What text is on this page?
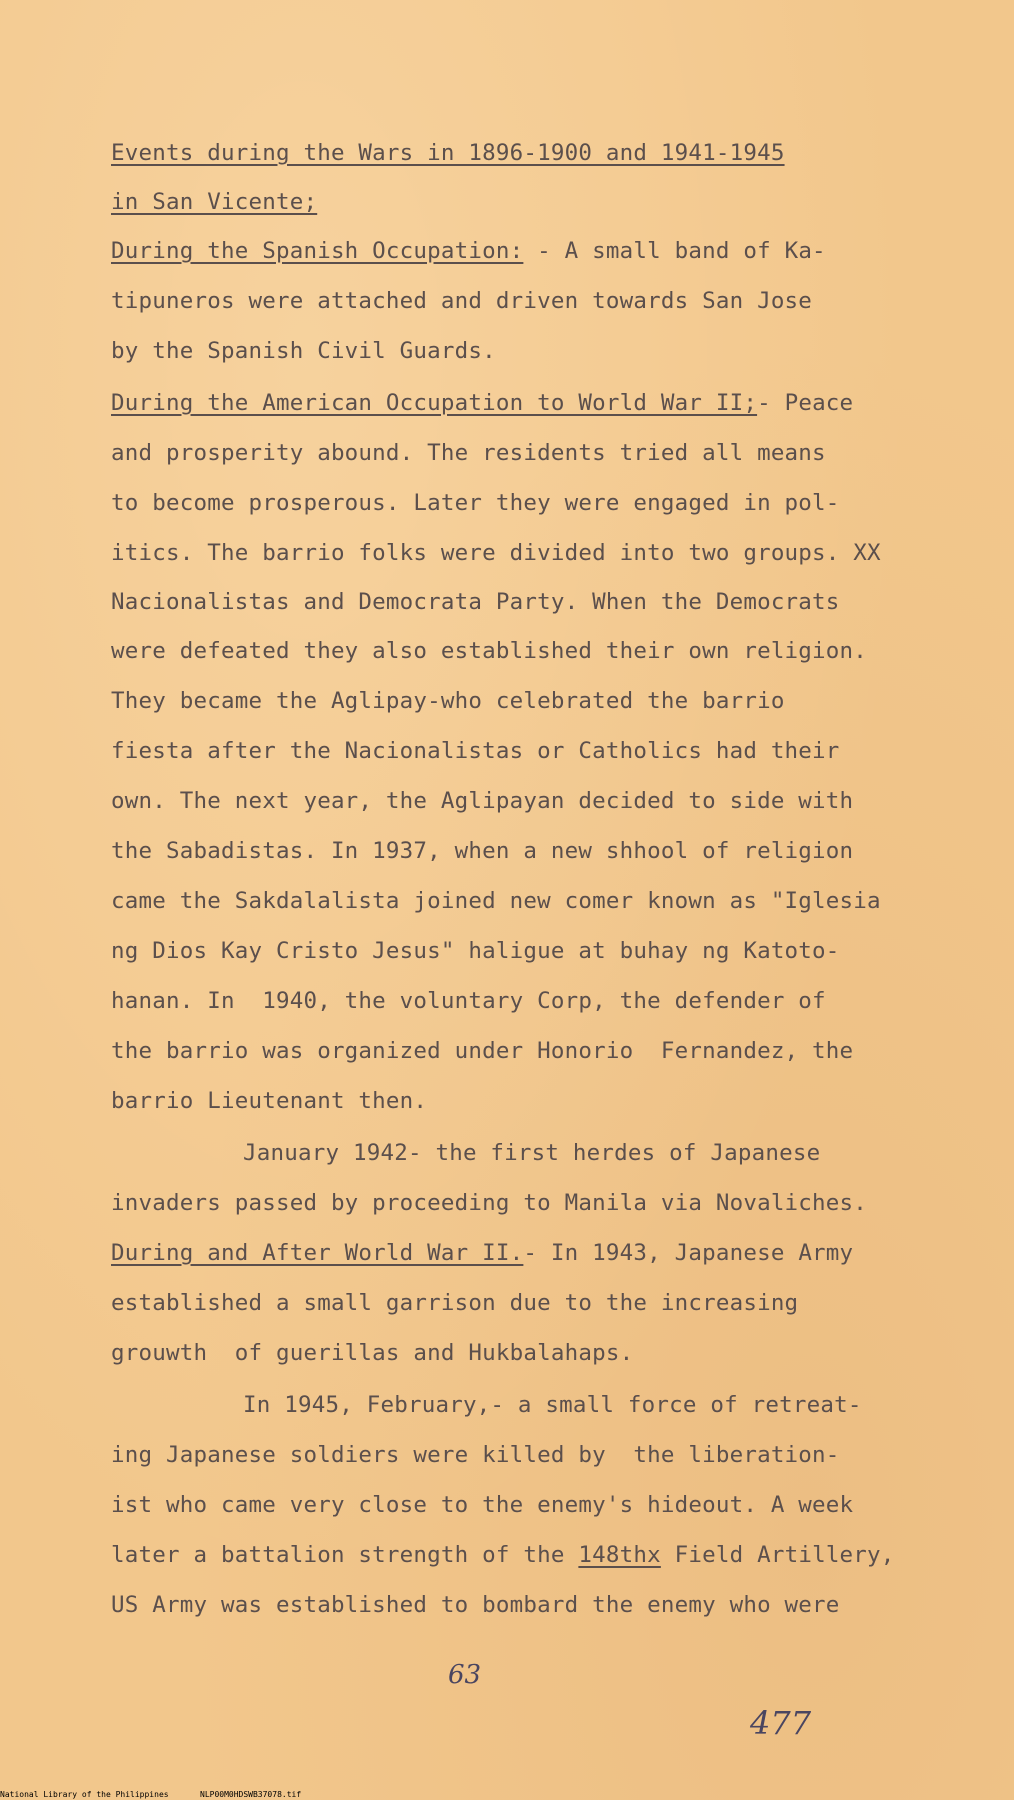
Events during the Wars in 1896-1900 and 1941-1945
in San Vicente;
During the Spanish Occupation: - A small band of Ka-
tipuneros were attached and driven towards San Jose
by the Spanish Civil Guards.
During the American Occupation to World War II;- Peace
and prosperity abound. The residents tried all means
to become prosperous. Later they were engaged in pol-
itics. The barrio folks were divided into two groups. XX
Nacionalistas and Democrata Party. When the Democrats
were defeated they also established their own religion.
They became the Aglipay-who celebrated the barrio
fiesta after the Nacionalistas or Catholics had their
own. The next year, the Aglipayan decided to side with
the Sabadistas. In 1937, when a new shhool of religion
came the Sakdalalista joined new comer known as "Iglesia
ng Dios Kay Cristo Jesus" haligue at buhay ng Katoto-
hanan. In  1940, the voluntary Corp, the defender of
the barrio was organized under Honorio  Fernandez, the
barrio Lieutenant then.
January 1942- the first herdes of Japanese
invaders passed by proceeding to Manila via Novaliches.
During and After World War II.- In 1943, Japanese Army
established a small garrison due to the increasing
grouwth  of guerillas and Hukbalahaps.
In 1945, February,- a small force of retreat-
ing Japanese soldiers were killed by  the liberation-
ist who came very close to the enemy's hideout. A week
later a battalion strength of the 148thx Field Artillery,
US Army was established to bombard the enemy who were
63
477
National Library of the Philippines	NLP00M0HDSWB37078.tif
